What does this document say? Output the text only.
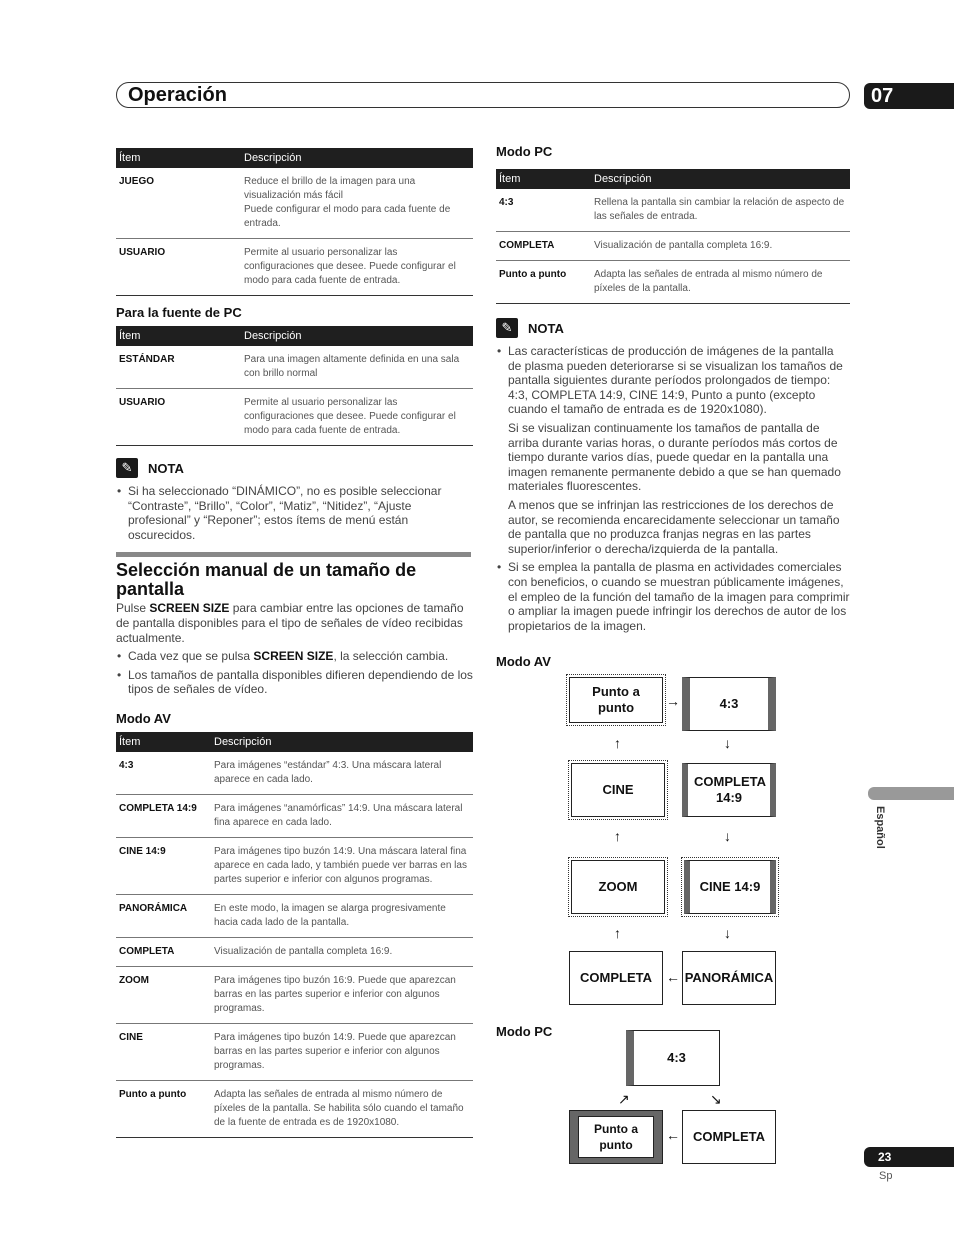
Operación	07
Ítem	Descripción
JUEGO	Reduce el brillo de la imagen para una visualización más fácil
Puede configurar el modo para cada fuente de entrada.

USUARIO	Permite al usuario personalizar las configuraciones que desee. Puede configurar el modo para cada fuente de entrada.
Para la fuente de PC
Ítem	Descripción
ESTÁNDAR	Para una imagen altamente definida en una sala con brillo normal
USUARIO	Permite al usuario personalizar las configuraciones que desee. Puede configurar el modo para cada fuente de entrada.
✎	NOTA
• Si ha seleccionado “DINÁMICO”, no es posible seleccionar “Contraste”, “Brillo”, “Color”, “Matiz”, “Nitidez”, “Ajuste profesional” y “Reponer”; estos ítems de menú están oscurecidos.
Selección manual de un tamaño de pantalla
Pulse SCREEN SIZE para cambiar entre las opciones de tamaño de pantalla disponibles para el tipo de señales de vídeo recibidas actualmente.
• Cada vez que se pulsa SCREEN SIZE, la selección cambia.
• Los tamaños de pantalla disponibles difieren dependiendo de los tipos de señales de vídeo.
Modo AV
Ítem	Descripción
4:3	Para imágenes “estándar” 4:3. Una máscara lateral aparece en cada lado.
COMPLETA 14:9	Para imágenes “anamórficas” 14:9. Una máscara lateral fina aparece en cada lado.
CINE 14:9	Para imágenes tipo buzón 14:9. Una máscara lateral fina aparece en cada lado, y también puede ver barras en las partes superior e inferior con algunos programas.
PANORÁMICA	En este modo, la imagen se alarga progresivamente hacia cada lado de la pantalla.
COMPLETA	Visualización de pantalla completa 16:9.
ZOOM	Para imágenes tipo buzón 16:9. Puede que aparezcan barras en las partes superior e inferior con algunos programas.
CINE	Para imágenes tipo buzón 14:9. Puede que aparezcan barras en las partes superior e inferior con algunos programas.
Punto a punto	Adapta las señales de entrada al mismo número de píxeles de la pantalla. Se habilita sólo cuando el tamaño de la fuente de entrada es de 1920x1080.
Modo PC
Ítem	Descripción
4:3	Rellena la pantalla sin cambiar la relación de aspecto de las señales de entrada.
COMPLETA	Visualización de pantalla completa 16:9.
Punto a punto	Adapta las señales de entrada al mismo número de píxeles de la pantalla.
✎	NOTA
• Las características de producción de imágenes de la pantalla de plasma pueden deteriorarse si se visualizan los tamaños de pantalla siguientes durante períodos prolongados de tiempo: 4:3, COMPLETA 14:9, CINE 14:9, Punto a punto (excepto cuando el tamaño de entrada es de 1920x1080).
Si se visualizan continuamente los tamaños de pantalla de arriba durante varias horas, o durante períodos más cortos de tiempo durante varios días, puede quedar en la pantalla una imagen remanente permanente debido a que se han quemado materiales fluorescentes.
A menos que se infrinjan las restricciones de los derechos de autor, se recomienda encarecidamente seleccionar un tamaño de pantalla que no produzca franjas negras en las partes superior/inferior o derecha/izquierda de la pantalla.
• Si se emplea la pantalla de plasma en actividades comerciales con beneficios, o cuando se muestran públicamente imágenes, el empleo de la función del tamaño de la imagen para comprimir o ampliar la imagen puede infringir los derechos de autor de los propietarios de la imagen.
Modo AV
Punto a punto	4:3
CINE
COMPLETA 14:9
ZOOM	CINE 14:9
COMPLETA	PANORÁMICA
→
↓
↑
↓
↑
↓
↑
←
Modo PC
4:3
Punto a punto
COMPLETA
↗	↘
←
Español
23
Sp
